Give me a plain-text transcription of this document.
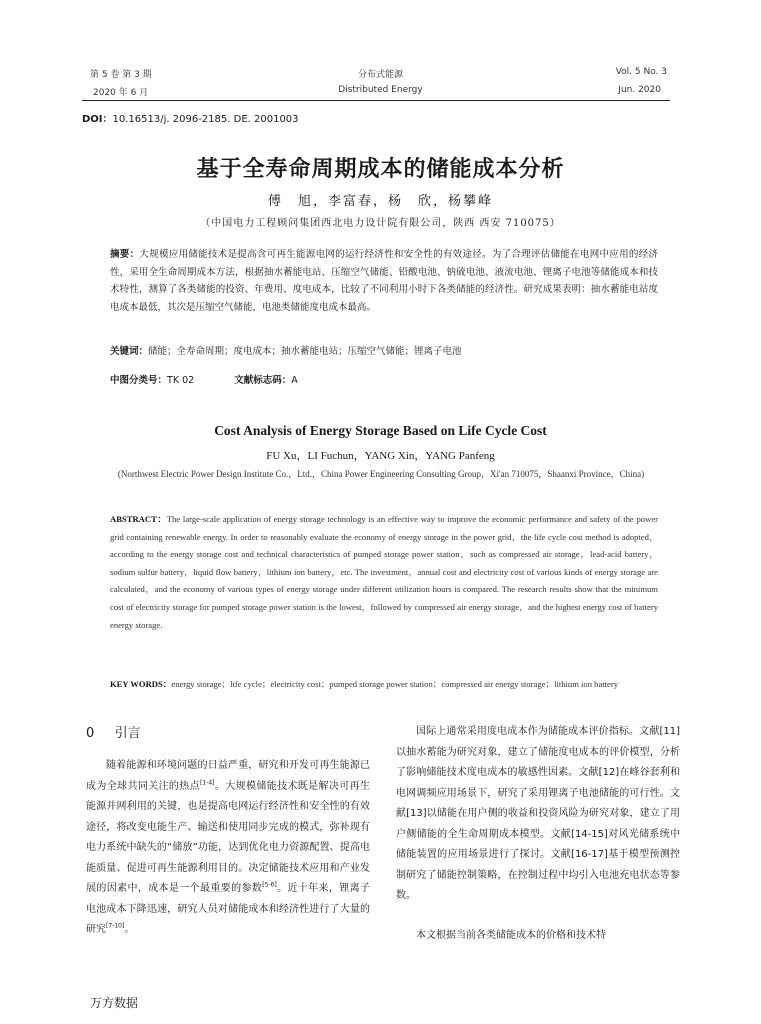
第 5 卷 第 3 期
2020 年 6 月
分布式能源
Distributed Energy
Vol. 5 No. 3
Jun. 2020
DOI：10.16513/j. 2096-2185. DE. 2001003
基于全寿命周期成本的储能成本分析
傅　旭，李富春，杨　欣，杨攀峰
（中国电力工程顾问集团西北电力设计院有限公司，陕西 西安 710075）
摘要：大规模应用储能技术是提高含可再生能源电网的运行经济性和安全性的有效途径。为了合理评估储能在电网中应用的经济性，采用全生命周期成本方法，根据抽水蓄能电站、压缩空气储能、铅酸电池、钠硫电池、液流电池、锂离子电池等储能成本和技术特性，测算了各类储能的投资、年费用、度电成本，比较了不同利用小时下各类储能的经济性。研究成果表明：抽水蓄能电站度电成本最低，其次是压缩空气储能，电池类储能度电成本最高。
关键词：储能；全寿命周期；度电成本；抽水蓄能电站；压缩空气储能；锂离子电池
中图分类号：TK 02	文献标志码：A
Cost Analysis of Energy Storage Based on Life Cycle Cost
FU Xu，LI Fuchun，YANG Xin，YANG Panfeng
(Northwest Electric Power Design Institute Co.，Ltd.，China Power Engineering Consulting Group，Xi'an 710075，Shaanxi Province，China)
ABSTRACT：The large-scale application of energy storage technology is an effective way to improve the economic performance and safety of the power grid containing renewable energy. In order to reasonably evaluate the economy of energy storage in the power grid，the life cycle cost method is adopted，according to the energy storage cost and technical characteristics of pumped storage power station，such as compressed air storage，lead-acid battery，sodium sulfur battery，liquid flow battery，lithium ion battery，etc. The investment，annual cost and electricity cost of various kinds of energy storage are calculated，and the economy of various types of energy storage under different utilization hours is compared. The research results show that the minimum cost of electricity storage for pumped storage power station is the lowest，followed by compressed air energy storage，and the highest energy cost of battery energy storage.
KEY WORDS：energy storage；life cycle；electricity cost；pumped storage power station；compressed air energy storage；lithium ion battery
0 引言
随着能源和环境问题的日益严重，研究和开发可再生能源已成为全球共同关注的热点[1-4]。大规模储能技术既是解决可再生能源并网利用的关键，也是提高电网运行经济性和安全性的有效途径，将改变电能生产、输送和使用同步完成的模式，弥补现有电力系统中缺失的“储放”功能，达到优化电力资源配置、提高电能质量、促进可再生能源利用目的。决定储能技术应用和产业发展的因素中，成本是一个最重要的参数[5-6]。近十年来，锂离子电池成本下降迅速，研究人员对储能成本和经济性进行了大量的研究[7-10]。
国际上通常采用度电成本作为储能成本评价指标。文献[11]以抽水蓄能为研究对象，建立了储能度电成本的评价模型，分析了影响储能技术度电成本的敏感性因素。文献[12]在峰谷套利和电网调频应用场景下，研究了采用锂离子电池储能的可行性。文献[13]以储能在用户侧的收益和投资风险为研究对象，建立了用户侧储能的全生命周期成本模型。文献[14-15]对风光储系统中储能装置的应用场景进行了探讨。文献[16-17]基于模型预测控制研究了储能控制策略，在控制过程中均引入电池充电状态等参数。
本文根据当前各类储能成本的价格和技术特
万方数据
